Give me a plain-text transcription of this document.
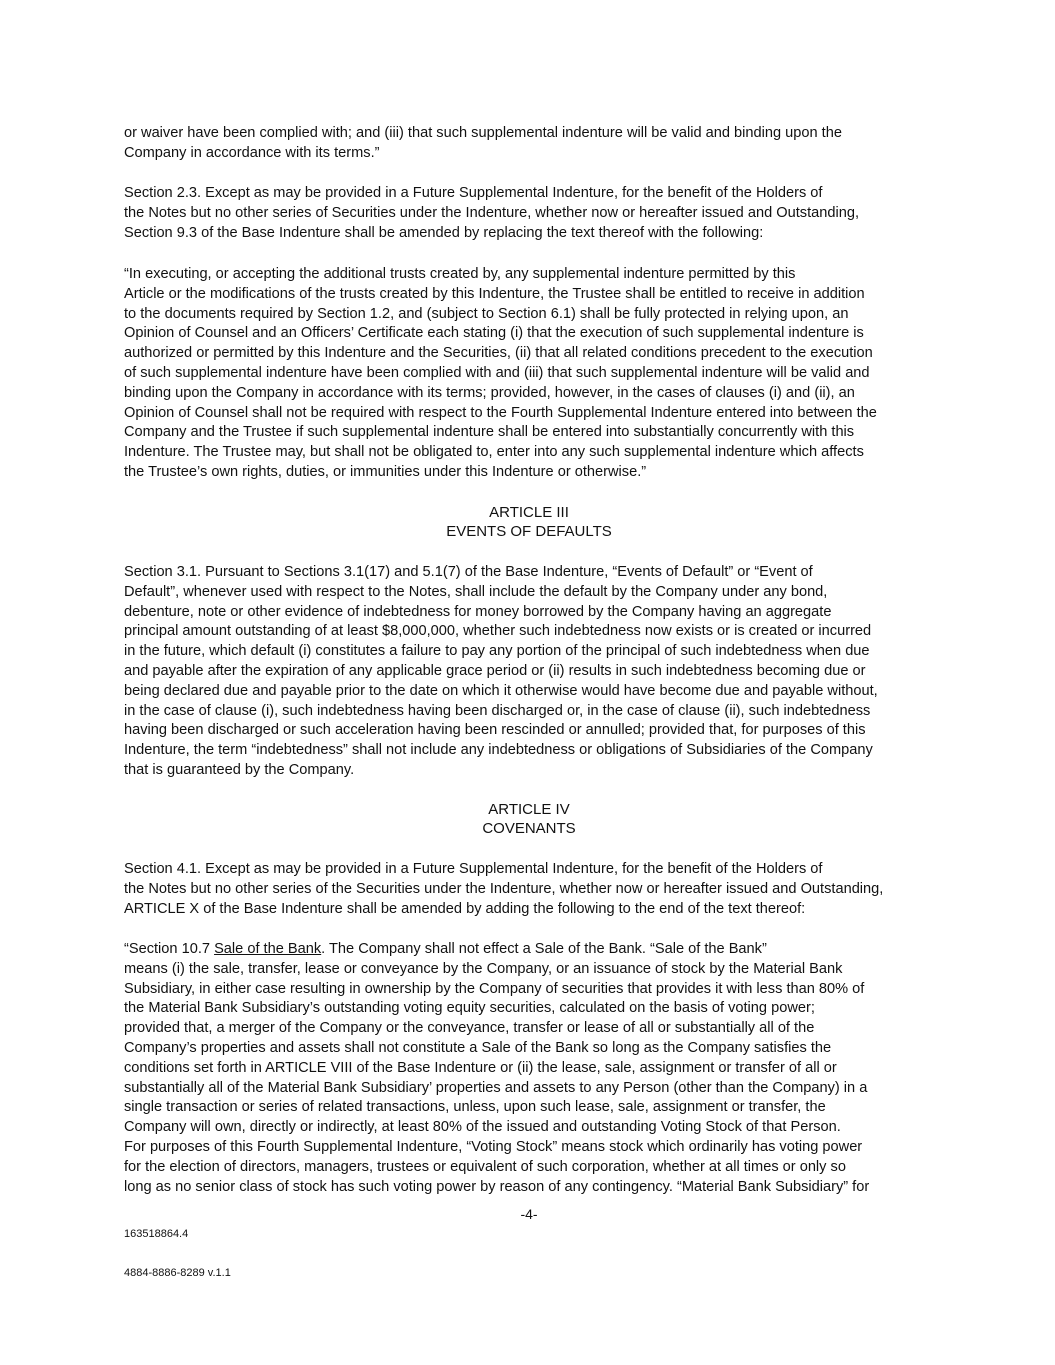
or waiver have been complied with; and (iii) that such supplemental indenture will be valid and binding upon the
Company in accordance with its terms.”
Section 2.3. Except as may be provided in a Future Supplemental Indenture, for the benefit of the Holders of
the Notes but no other series of Securities under the Indenture, whether now or hereafter issued and Outstanding,
Section 9.3 of the Base Indenture shall be amended by replacing the text thereof with the following:
“In executing, or accepting the additional trusts created by, any supplemental indenture permitted by this
Article or the modifications of the trusts created by this Indenture, the Trustee shall be entitled to receive in addition
to the documents required by Section 1.2, and (subject to Section 6.1) shall be fully protected in relying upon, an
Opinion of Counsel and an Officers’ Certificate each stating (i) that the execution of such supplemental indenture is
authorized or permitted by this Indenture and the Securities, (ii) that all related conditions precedent to the execution
of such supplemental indenture have been complied with and (iii) that such supplemental indenture will be valid and
binding upon the Company in accordance with its terms; provided, however, in the cases of clauses (i) and (ii), an
Opinion of Counsel shall not be required with respect to the Fourth Supplemental Indenture entered into between the
Company and the Trustee if such supplemental indenture shall be entered into substantially concurrently with this
Indenture. The Trustee may, but shall not be obligated to, enter into any such supplemental indenture which affects
the Trustee’s own rights, duties, or immunities under this Indenture or otherwise.”
ARTICLE III
EVENTS OF DEFAULTS
Section 3.1. Pursuant to Sections 3.1(17) and 5.1(7) of the Base Indenture, “Events of Default” or “Event of
Default”, whenever used with respect to the Notes, shall include the default by the Company under any bond,
debenture, note or other evidence of indebtedness for money borrowed by the Company having an aggregate
principal amount outstanding of at least $8,000,000, whether such indebtedness now exists or is created or incurred
in the future, which default (i) constitutes a failure to pay any portion of the principal of such indebtedness when due
and payable after the expiration of any applicable grace period or (ii) results in such indebtedness becoming due or
being declared due and payable prior to the date on which it otherwise would have become due and payable without,
in the case of clause (i), such indebtedness having been discharged or, in the case of clause (ii), such indebtedness
having been discharged or such acceleration having been rescinded or annulled; provided that, for purposes of this
Indenture, the term “indebtedness” shall not include any indebtedness or obligations of Subsidiaries of the Company
that is guaranteed by the Company.
ARTICLE IV
COVENANTS
Section 4.1. Except as may be provided in a Future Supplemental Indenture, for the benefit of the Holders of
the Notes but no other series of the Securities under the Indenture, whether now or hereafter issued and Outstanding,
ARTICLE X of the Base Indenture shall be amended by adding the following to the end of the text thereof:
“Section 10.7 Sale of the Bank. The Company shall not effect a Sale of the Bank. “Sale of the Bank”
means (i) the sale, transfer, lease or conveyance by the Company, or an issuance of stock by the Material Bank
Subsidiary, in either case resulting in ownership by the Company of securities that provides it with less than 80% of
the Material Bank Subsidiary’s outstanding voting equity securities, calculated on the basis of voting power;
provided that, a merger of the Company or the conveyance, transfer or lease of all or substantially all of the
Company’s properties and assets shall not constitute a Sale of the Bank so long as the Company satisfies the
conditions set forth in ARTICLE VIII of the Base Indenture or (ii) the lease, sale, assignment or transfer of all or
substantially all of the Material Bank Subsidiary’ properties and assets to any Person (other than the Company) in a
single transaction or series of related transactions, unless, upon such lease, sale, assignment or transfer, the
Company will own, directly or indirectly, at least 80% of the issued and outstanding Voting Stock of that Person.
For purposes of this Fourth Supplemental Indenture, “Voting Stock” means stock which ordinarily has voting power
for the election of directors, managers, trustees or equivalent of such corporation, whether at all times or only so
long as no senior class of stock has such voting power by reason of any contingency. “Material Bank Subsidiary” for
-4-
163518864.4
4884-8886-8289 v.1.1
